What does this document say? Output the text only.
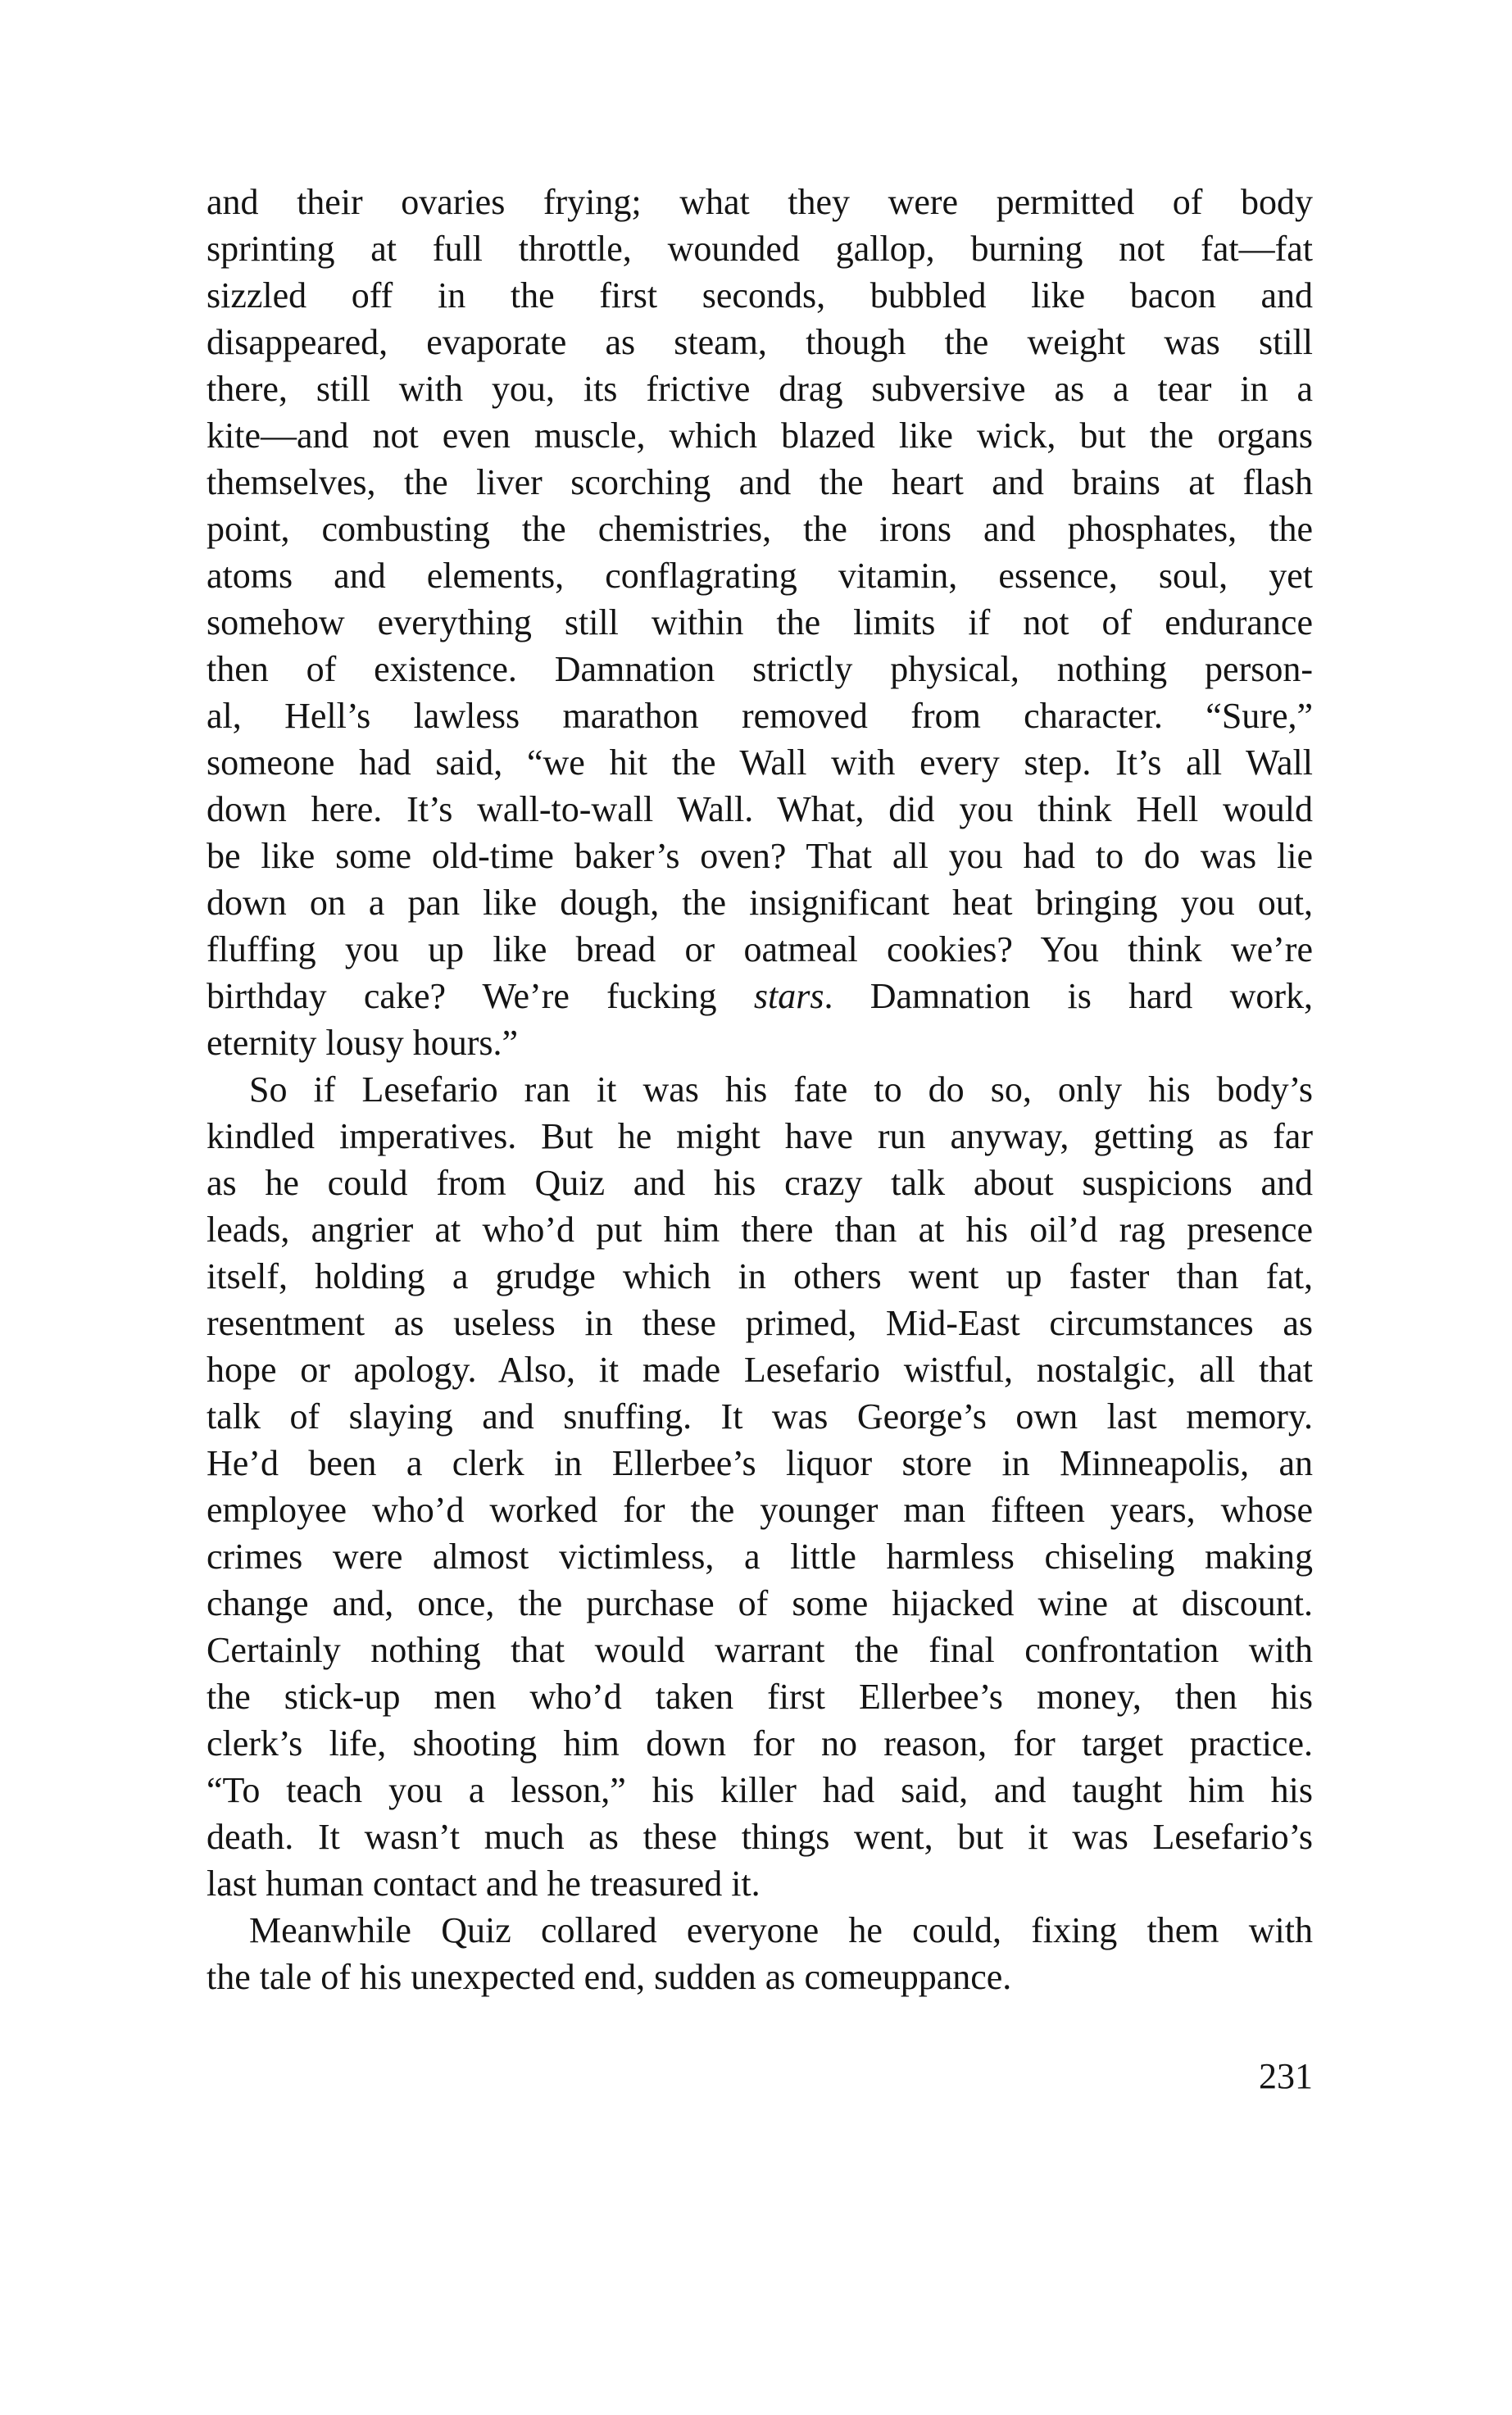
and their ovaries frying; what they were permitted of body
sprinting at full throttle, wounded gallop, burning not fat—fat
sizzled off in the first seconds, bubbled like bacon and
disappeared, evaporate as steam, though the weight was still
there, still with you, its frictive drag subversive as a tear in a
kite—and not even muscle, which blazed like wick, but the organs
themselves, the liver scorching and the heart and brains at flash
point, combusting the chemistries, the irons and phosphates, the
atoms and elements, conflagrating vitamin, essence, soul, yet
somehow everything still within the limits if not of endurance
then of existence. Damnation strictly physical, nothing person-
al, Hell’s lawless marathon removed from character. “Sure,”
someone had said, “we hit the Wall with every step. It’s all Wall
down here. It’s wall-to-wall Wall. What, did you think Hell would
be like some old-time baker’s oven? That all you had to do was lie
down on a pan like dough, the insignificant heat bringing you out,
fluffing you up like bread or oatmeal cookies? You think we’re
birthday cake? We’re fucking stars. Damnation is hard work,
eternity lousy hours.”
So if Lesefario ran it was his fate to do so, only his body’s
kindled imperatives. But he might have run anyway, getting as far
as he could from Quiz and his crazy talk about suspicions and
leads, angrier at who’d put him there than at his oil’d rag presence
itself, holding a grudge which in others went up faster than fat,
resentment as useless in these primed, Mid-East circumstances as
hope or apology. Also, it made Lesefario wistful, nostalgic, all that
talk of slaying and snuffing. It was George’s own last memory.
He’d been a clerk in Ellerbee’s liquor store in Minneapolis, an
employee who’d worked for the younger man fifteen years, whose
crimes were almost victimless, a little harmless chiseling making
change and, once, the purchase of some hijacked wine at discount.
Certainly nothing that would warrant the final confrontation with
the stick-up men who’d taken first Ellerbee’s money, then his
clerk’s life, shooting him down for no reason, for target practice.
“To teach you a lesson,” his killer had said, and taught him his
death. It wasn’t much as these things went, but it was Lesefario’s
last human contact and he treasured it.
Meanwhile Quiz collared everyone he could, fixing them with
the tale of his unexpected end, sudden as comeuppance.
231
